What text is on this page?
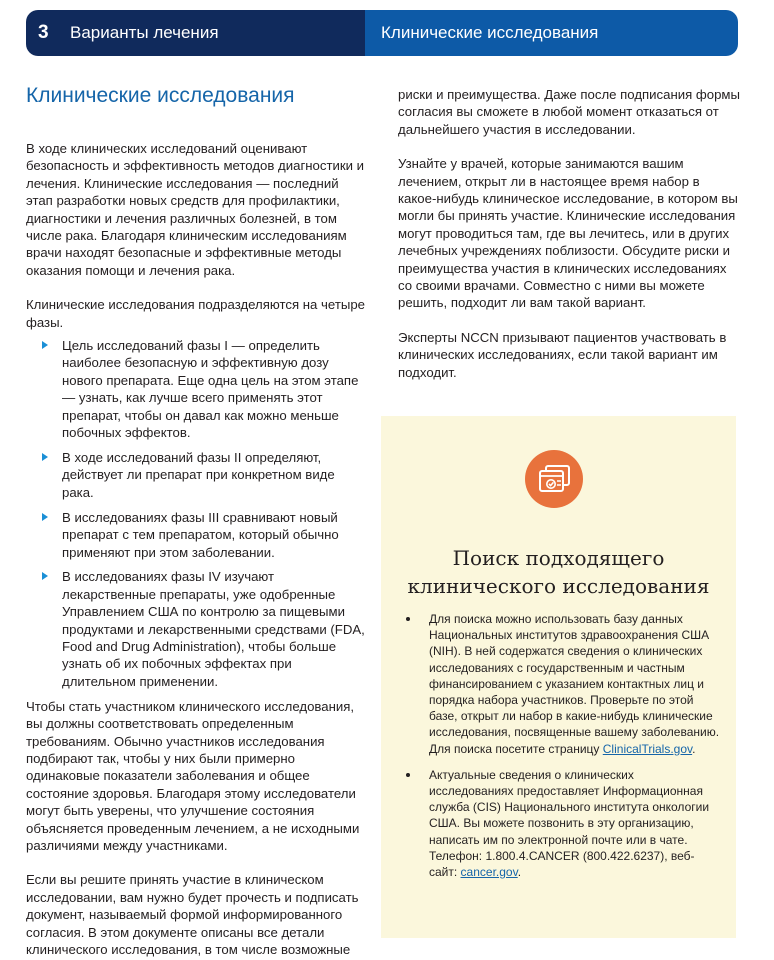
3	Варианты лечения	Клинические исследования
Клинические исследования

В ходе клинических исследований оценивают безопасность и эффективность методов диагностики и лечения. Клинические исследования — последний этап разработки новых средств для профилактики, диагностики и лечения различных болезней, в том числе рака. Благодаря клиническим исследованиям врачи находят безопасные и эффективные методы оказания помощи и лечения рака.

Клинические исследования подразделяются на четыре фазы.

Цель исследований фазы I — определить наиболее безопасную и эффективную дозу нового препарата. Еще одна цель на этом этапе — узнать, как лучше всего применять этот препарат, чтобы он давал как можно меньше побочных эффектов.
В ходе исследований фазы II определяют, действует ли препарат при конкретном виде рака.
В исследованиях фазы III сравнивают новый препарат с тем препаратом, который обычно применяют при этом заболевании.
В исследованиях фазы IV изучают лекарственные препараты, уже одобренные Управлением США по контролю за пищевыми продуктами и лекарственными средствами (FDA, Food and Drug Administration), чтобы больше узнать об их побочных эффектах при длительном применении.

Чтобы стать участником клинического исследования, вы должны соответствовать определенным требованиям. Обычно участников исследования подбирают так, чтобы у них были примерно одинаковые показатели заболевания и общее состояние здоровья. Благодаря этому исследователи могут быть уверены, что улучшение состояния объясняется проведенным лечением, а не исходными различиями между участниками.

Если вы решите принять участие в клиническом исследовании, вам нужно будет прочесть и подписать документ, называемый формой информированного согласия. В этом документе описаны все детали клинического исследования, в том числе возможные

риски и преимущества. Даже после подписания формы согласия вы сможете в любой момент отказаться от дальнейшего участия в исследовании.

Узнайте у врачей, которые занимаются вашим лечением, открыт ли в настоящее время набор в какое-нибудь клиническое исследование, в котором вы могли бы принять участие. Клинические исследования могут проводиться там, где вы лечитесь, или в других лечебных учреждениях поблизости. Обсудите риски и преимущества участия в клинических исследованиях со своими врачами. Совместно с ними вы можете решить, подходит ли вам такой вариант.

Эксперты NCCN призывают пациентов участвовать в клинических исследованиях, если такой вариант им подходит.

Поиск подходящего
клинического исследования
Для поиска можно использовать базу данных Национальных институтов здравоохранения США (NIH). В ней содержатся сведения о клинических исследованиях с государственным и частным финансированием с указанием контактных лиц и порядка набора участников. Проверьте по этой базе, открыт ли набор в какие-нибудь клинические исследования, посвященные вашему заболеванию. Для поиска посетите страницу ClinicalTrials.gov.
Актуальные сведения о клинических исследованиях предоставляет Информационная служба (CIS) Национального института онкологии США. Вы можете позвонить в эту организацию, написать им по электронной почте или в чате. Телефон: 1.800.4.CANCER (800.422.6237), веб-сайт: cancer.gov.
